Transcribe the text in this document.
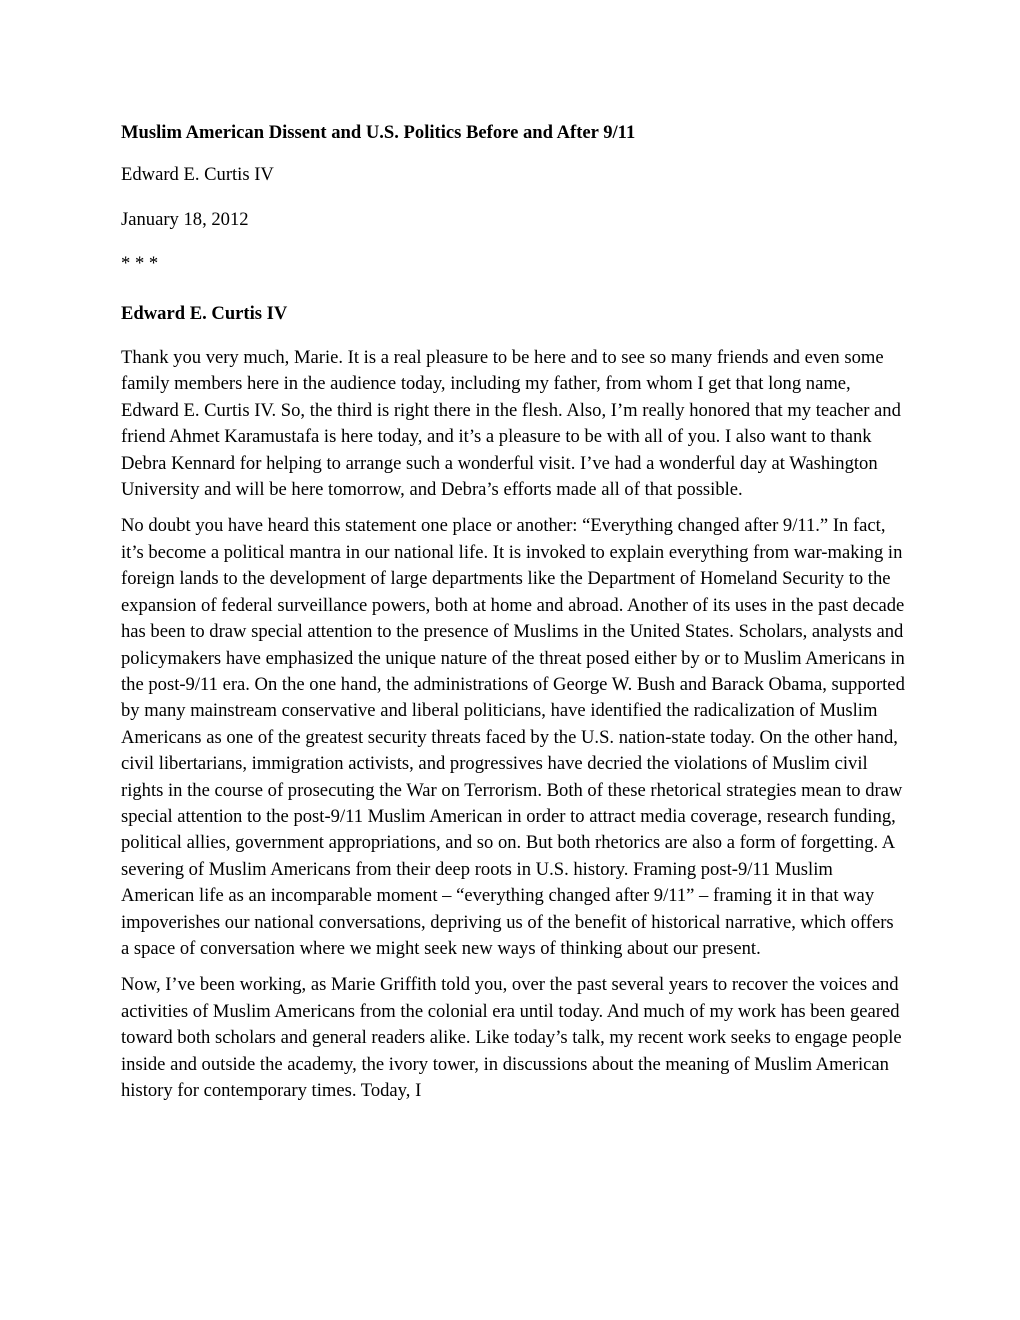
Muslim American Dissent and U.S. Politics Before and After 9/11

Edward E. Curtis IV

January 18, 2012

* * *

Edward E. Curtis IV

Thank you very much, Marie. It is a real pleasure to be here and to see so many friends and even some family members here in the audience today, including my father, from whom I get that long name, Edward E. Curtis IV. So, the third is right there in the flesh. Also, I’m really honored that my teacher and friend Ahmet Karamustafa is here today, and it’s a pleasure to be with all of you. I also want to thank Debra Kennard for helping to arrange such a wonderful visit. I’ve had a wonderful day at Washington University and will be here tomorrow, and Debra’s efforts made all of that possible.

No doubt you have heard this statement one place or another: “Everything changed after 9/11.” In fact, it’s become a political mantra in our national life. It is invoked to explain everything from war-making in foreign lands to the development of large departments like the Department of Homeland Security to the expansion of federal surveillance powers, both at home and abroad. Another of its uses in the past decade has been to draw special attention to the presence of Muslims in the United States. Scholars, analysts and policymakers have emphasized the unique nature of the threat posed either by or to Muslim Americans in the post-9/11 era. On the one hand, the administrations of George W. Bush and Barack Obama, supported by many mainstream conservative and liberal politicians, have identified the radicalization of Muslim Americans as one of the greatest security threats faced by the U.S. nation-state today. On the other hand, civil libertarians, immigration activists, and progressives have decried the violations of Muslim civil rights in the course of prosecuting the War on Terrorism. Both of these rhetorical strategies mean to draw special attention to the post-9/11 Muslim American in order to attract media coverage, research funding, political allies, government appropriations, and so on. But both rhetorics are also a form of forgetting. A severing of Muslim Americans from their deep roots in U.S. history. Framing post-9/11 Muslim American life as an incomparable moment – “everything changed after 9/11” – framing it in that way impoverishes our national conversations, depriving us of the benefit of historical narrative, which offers a space of conversation where we might seek new ways of thinking about our present.

Now, I’ve been working, as Marie Griffith told you, over the past several years to recover the voices and activities of Muslim Americans from the colonial era until today. And much of my work has been geared toward both scholars and general readers alike. Like today’s talk, my recent work seeks to engage people inside and outside the academy, the ivory tower, in discussions about the meaning of Muslim American history for contemporary times. Today, I
